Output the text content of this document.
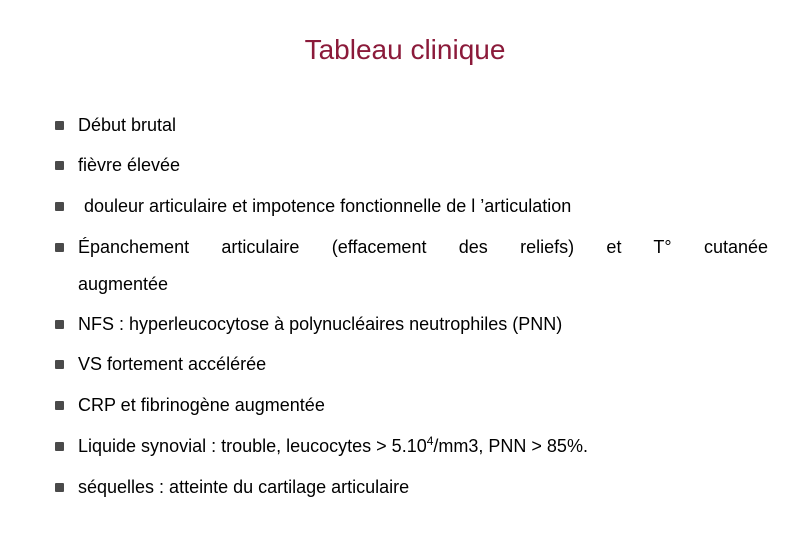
Tableau clinique
Début brutal
fièvre élevée
douleur articulaire et impotence fonctionnelle de l ’articulation
Épanchement articulaire (effacement des reliefs) et T° cutanée
augmentée
NFS : hyperleucocytose à polynucléaires neutrophiles (PNN)
VS fortement accélérée
CRP et fibrinogène augmentée
Liquide synovial : trouble, leucocytes > $5.10^4/mm3$, PNN > 85%.
séquelles : atteinte du cartilage articulaire
